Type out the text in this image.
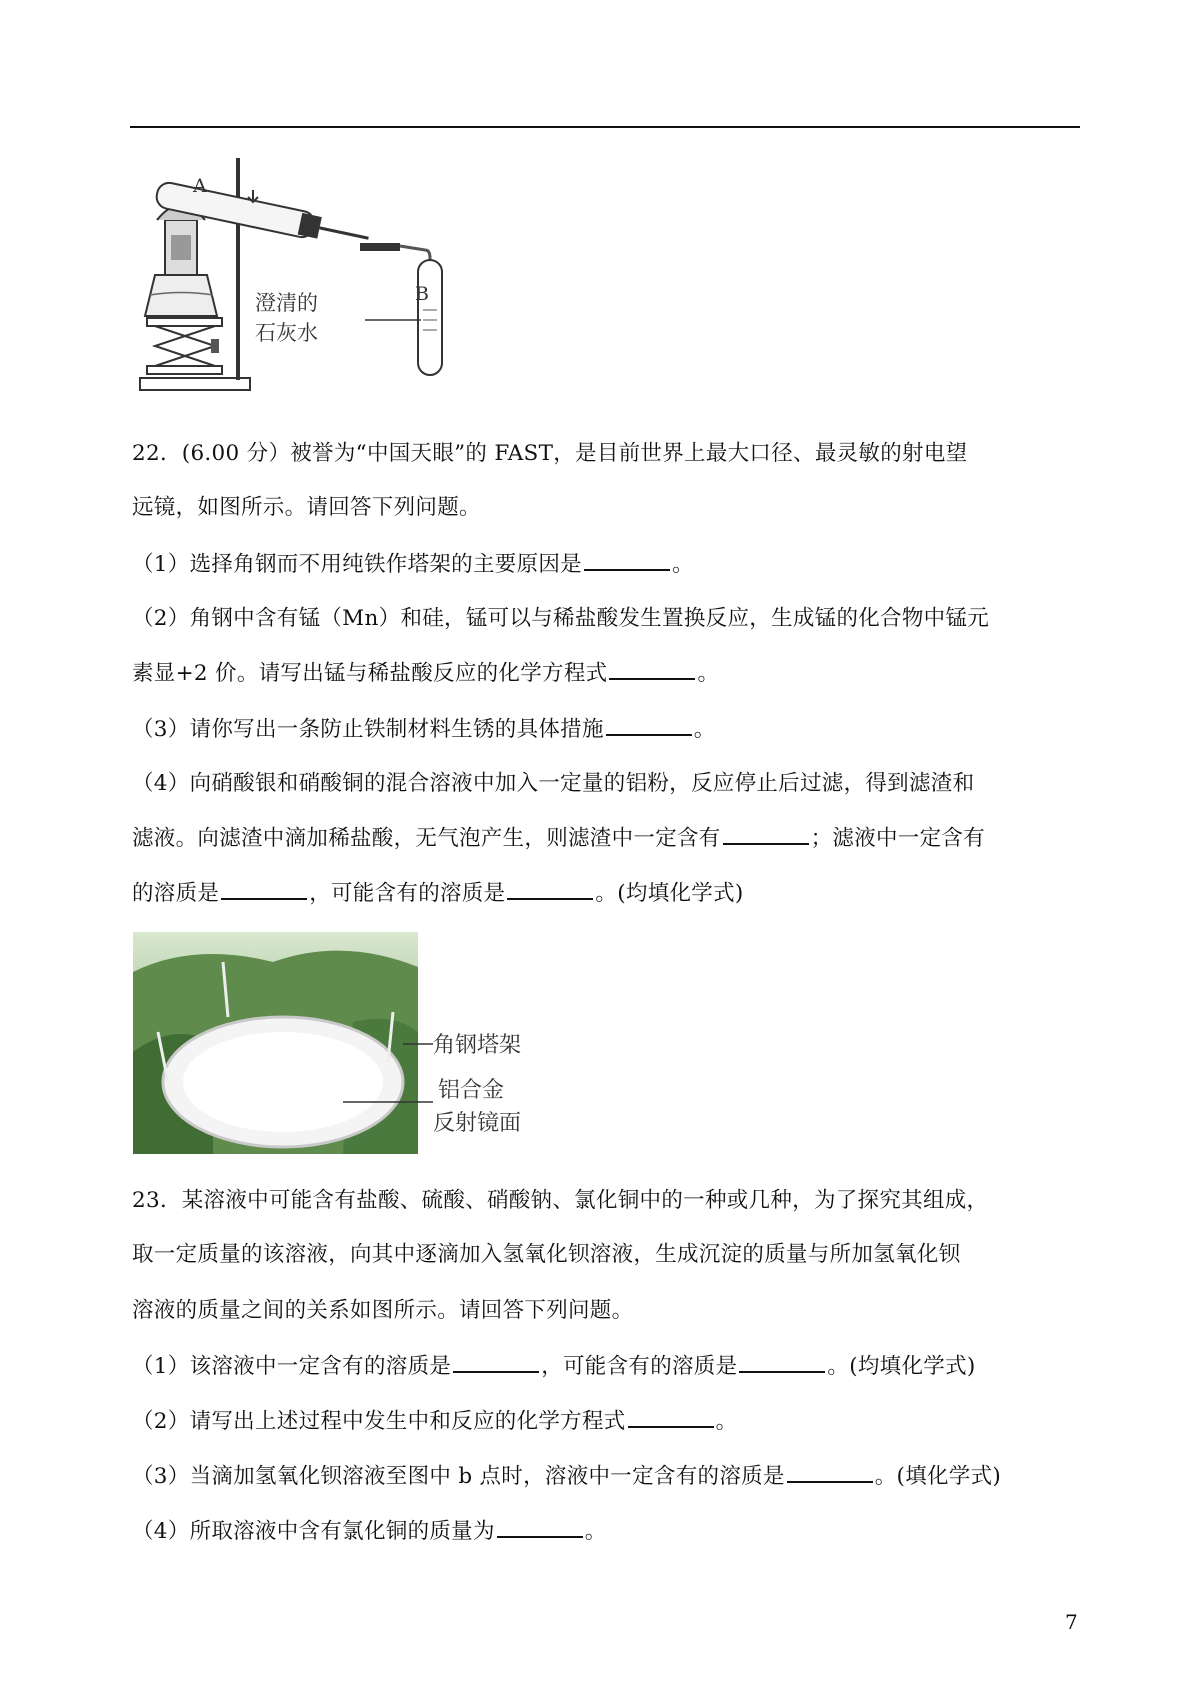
A
B
澄清的
石灰水
22．(6.00 分）被誉为“中国天眼”的 FAST，是目前世界上最大口径、最灵敏的射电望
远镜，如图所示。请回答下列问题。
（1）选择角钢而不用纯铁作塔架的主要原因是	。
（2）角钢中含有锰（Mn）和硅，锰可以与稀盐酸发生置换反应，生成锰的化合物中锰元
素显+2 价。请写出锰与稀盐酸反应的化学方程式	。
（3）请你写出一条防止铁制材料生锈的具体措施	。
（4）向硝酸银和硝酸铜的混合溶液中加入一定量的铝粉，反应停止后过滤，得到滤渣和
滤液。向滤渣中滴加稀盐酸，无气泡产生，则滤渣中一定含有	；滤液中一定含有
的溶质是	，可能含有的溶质是	。(均填化学式)
角钢塔架
铝合金
反射镜面
23．某溶液中可能含有盐酸、硫酸、硝酸钠、氯化铜中的一种或几种，为了探究其组成，
取一定质量的该溶液，向其中逐滴加入氢氧化钡溶液，生成沉淀的质量与所加氢氧化钡
溶液的质量之间的关系如图所示。请回答下列问题。
（1）该溶液中一定含有的溶质是	，可能含有的溶质是	。(均填化学式)
（2）请写出上述过程中发生中和反应的化学方程式	。
（3）当滴加氢氧化钡溶液至图中 b 点时，溶液中一定含有的溶质是	。(填化学式)
（4）所取溶液中含有氯化铜的质量为	。
7
